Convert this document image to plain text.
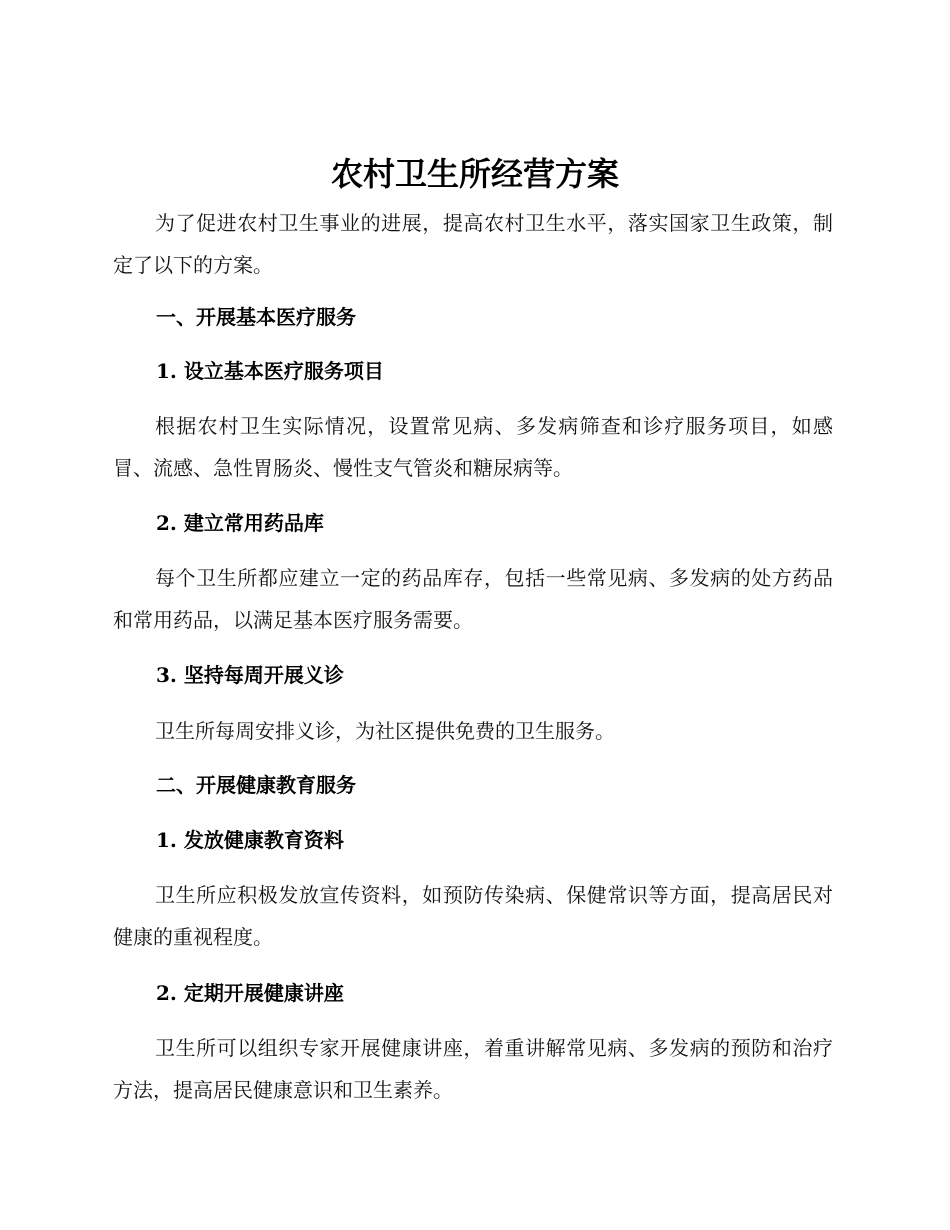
农村卫生所经营方案

为了促进农村卫生事业的进展，提高农村卫生水平，落实国家卫生政策，制定了以下的方案。

一、开展基本医疗服务
1. 设立基本医疗服务项目

根据农村卫生实际情况，设置常见病、多发病筛查和诊疗服务项目，如感冒、流感、急性胃肠炎、慢性支气管炎和糖尿病等。

2. 建立常用药品库

每个卫生所都应建立一定的药品库存，包括一些常见病、多发病的处方药品和常用药品，以满足基本医疗服务需要。

3. 坚持每周开展义诊

卫生所每周安排义诊，为社区提供免费的卫生服务。

二、开展健康教育服务
1. 发放健康教育资料

卫生所应积极发放宣传资料，如预防传染病、保健常识等方面，提高居民对健康的重视程度。

2. 定期开展健康讲座

卫生所可以组织专家开展健康讲座，着重讲解常见病、多发病的预防和治疗方法，提高居民健康意识和卫生素养。
